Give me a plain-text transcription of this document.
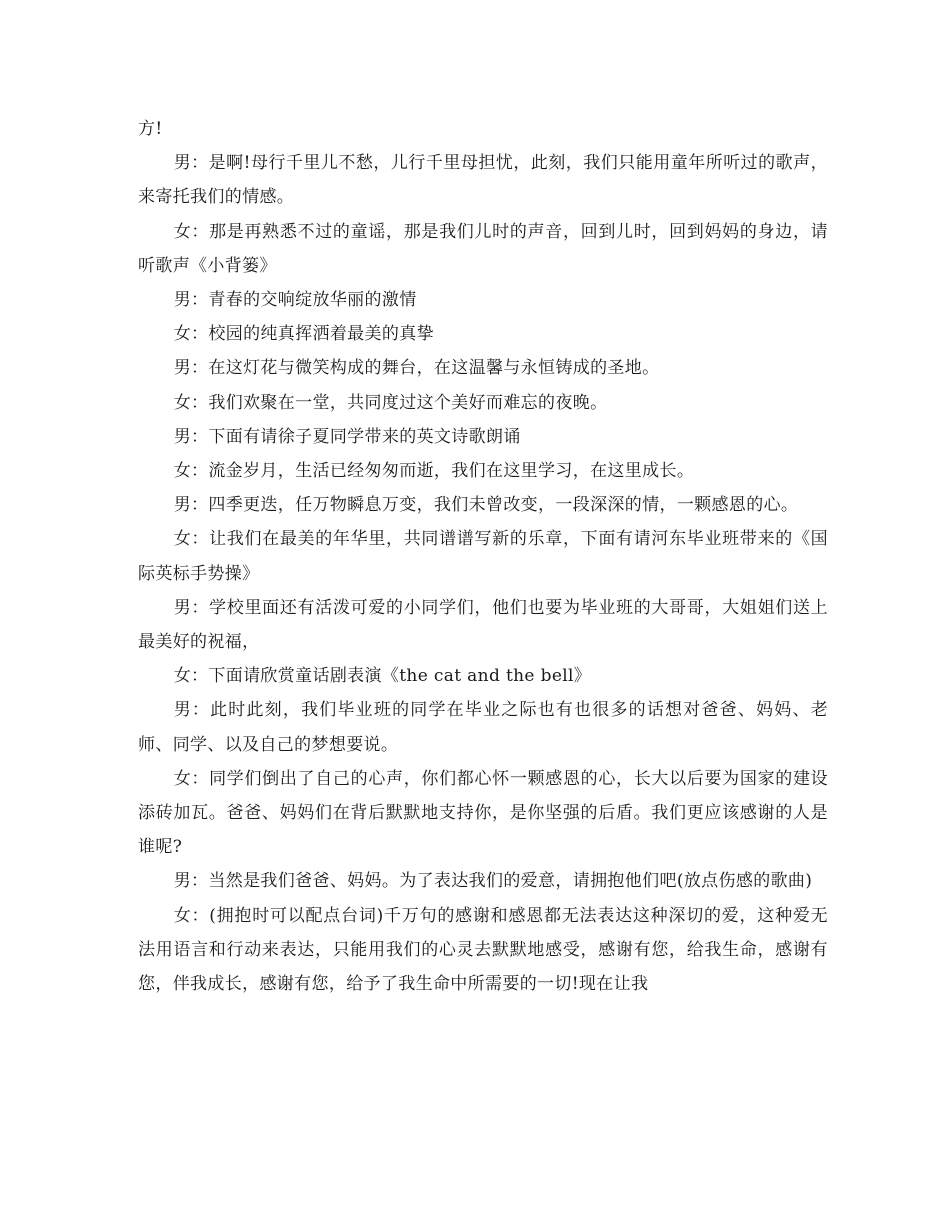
方!

男：是啊!母行千里儿不愁，儿行千里母担忧，此刻，我们只能用童年所听过的歌声，来寄托我们的情感。

女：那是再熟悉不过的童谣，那是我们儿时的声音，回到儿时，回到妈妈的身边，请听歌声《小背篓》

男：青春的交响绽放华丽的激情

女：校园的纯真挥洒着最美的真挚

男：在这灯花与微笑构成的舞台，在这温馨与永恒铸成的圣地。

女：我们欢聚在一堂，共同度过这个美好而难忘的夜晚。

男：下面有请徐子夏同学带来的英文诗歌朗诵

女：流金岁月，生活已经匆匆而逝，我们在这里学习，在这里成长。

男：四季更迭，任万物瞬息万变，我们未曾改变，一段深深的情，一颗感恩的心。

女：让我们在最美的年华里，共同谱谱写新的乐章，下面有请河东毕业班带来的《国际英标手势操》

男：学校里面还有活泼可爱的小同学们，他们也要为毕业班的大哥哥，大姐姐们送上最美好的祝福，

女：下面请欣赏童话剧表演《the cat and the bell》

男：此时此刻，我们毕业班的同学在毕业之际也有也很多的话想对爸爸、妈妈、老师、同学、以及自己的梦想要说。

女：同学们倒出了自己的心声，你们都心怀一颗感恩的心，长大以后要为国家的建设添砖加瓦。爸爸、妈妈们在背后默默地支持你，是你坚强的后盾。我们更应该感谢的人是谁呢?

男：当然是我们爸爸、妈妈。为了表达我们的爱意，请拥抱他们吧(放点伤感的歌曲)

女：(拥抱时可以配点台词)千万句的感谢和感恩都无法表达这种深切的爱，这种爱无法用语言和行动来表达，只能用我们的心灵去默默地感受，感谢有您，给我生命，感谢有您，伴我成长，感谢有您，给予了我生命中所需要的一切!现在让我
